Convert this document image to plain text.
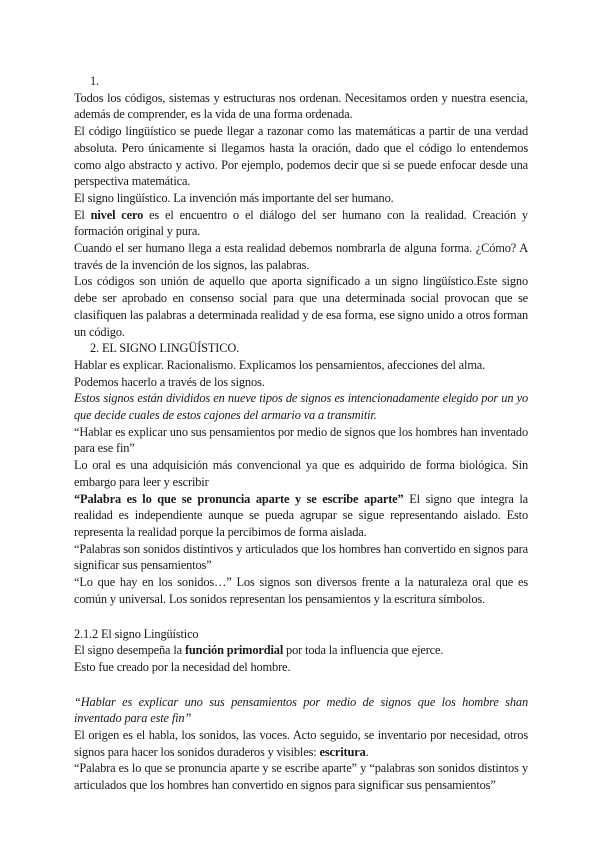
1.

Todos los códigos, sistemas y estructuras nos ordenan. Necesitamos orden y nuestra esencia, además de comprender, es la vida de una forma ordenada.

El código lingüístico se puede llegar a razonar como las matemáticas a partir de una verdad absoluta. Pero únicamente si llegamos hasta la oración, dado que el código lo entendemos como algo abstracto y activo. Por ejemplo, podemos decir que si se puede enfocar desde una perspectiva matemática.

El signo lingüístico. La invención más importante del ser humano.

El nivel cero es el encuentro o el diálogo del ser humano con la realidad. Creación y formación original y pura.

Cuando el ser humano llega a esta realidad debemos nombrarla de alguna forma. ¿Cómo? A través de la invención de los signos, las palabras.

Los códigos son unión de aquello que aporta significado a un signo lingüístico.Este signo debe ser aprobado en consenso social para que una determinada social provocan que se clasifiquen las palabras a determinada realidad y de esa forma, ese signo unido a otros forman un código.

2. EL SIGNO LINGÜÍSTICO.

Hablar es explicar. Racionalismo. Explicamos los pensamientos, afecciones del alma.

Podemos hacerlo a través de los signos.

Estos signos están divididos en nueve tipos de signos es intencionadamente elegido por un yo que decide cuales de estos cajones del armario va a transmitir.

“Hablar es explicar uno sus pensamientos por medio de signos que los hombres han inventado para ese fin”

Lo oral es una adquisición más convencional ya que es adquirido de forma biológica. Sin embargo para leer y escribir

“Palabra es lo que se pronuncia aparte y se escribe aparte” El signo que integra la realidad es independiente aunque se pueda agrupar se sigue representando aislado. Esto representa la realidad porque la percibimos de forma aislada.

“Palabras son sonidos distintivos y articulados que los hombres han convertido en signos para significar sus pensamientos”

“Lo que hay en los sonidos…” Los signos son diversos frente a la naturaleza oral que es común y universal. Los sonidos representan los pensamientos y la escritura símbolos.

2.1.2 El signo Lingüístico

El signo desempeña la función primordial por toda la influencia que ejerce.

Esto fue creado por la necesidad del hombre.

“Hablar es explicar uno sus pensamientos por medio de signos que los hombre shan inventado para este fin”

El origen es el habla, los sonidos, las voces. Acto seguido, se inventario por necesidad, otros signos para hacer los sonidos duraderos y visibles: escritura.

“Palabra es lo que se pronuncia aparte y se escribe aparte” y “palabras son sonidos distintos y articulados que los hombres han convertido en signos para significar sus pensamientos”
